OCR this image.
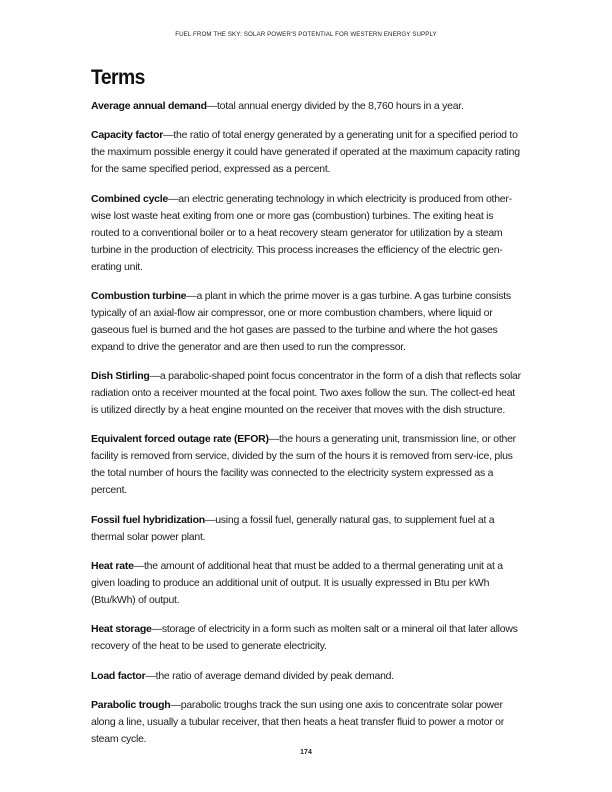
FUEL FROM THE SKY: SOLAR POWER'S POTENTIAL FOR WESTERN ENERGY SUPPLY
Terms

Average annual demand—total annual energy divided by the 8,760 hours in a year.

Capacity factor—the ratio of total energy generated by a generating unit for a specified period to the maximum possible energy it could have generated if operated at the maximum capacity rating for the same specified period, expressed as a percent.

Combined cycle—an electric generating technology in which electricity is produced from other-wise lost waste heat exiting from one or more gas (combustion) turbines. The exiting heat is routed to a conventional boiler or to a heat recovery steam generator for utilization by a steam turbine in the production of electricity. This process increases the efficiency of the electric gen-erating unit.

Combustion turbine—a plant in which the prime mover is a gas turbine. A gas turbine consists typically of an axial-flow air compressor, one or more combustion chambers, where liquid or gaseous fuel is burned and the hot gases are passed to the turbine and where the hot gases expand to drive the generator and are then used to run the compressor.

Dish Stirling—a parabolic-shaped point focus concentrator in the form of a dish that reflects solar radiation onto a receiver mounted at the focal point. Two axes follow the sun. The collect-ed heat is utilized directly by a heat engine mounted on the receiver that moves with the dish structure.

Equivalent forced outage rate (EFOR)—the hours a generating unit, transmission line, or other facility is removed from service, divided by the sum of the hours it is removed from serv-ice, plus the total number of hours the facility was connected to the electricity system expressed as a percent.

Fossil fuel hybridization—using a fossil fuel, generally natural gas, to supplement fuel at a thermal solar power plant.

Heat rate—the amount of additional heat that must be added to a thermal generating unit at a given loading to produce an additional unit of output. It is usually expressed in Btu per kWh (Btu/kWh) of output.

Heat storage—storage of electricity in a form such as molten salt or a mineral oil that later allows recovery of the heat to be used to generate electricity.

Load factor—the ratio of average demand divided by peak demand.

Parabolic trough—parabolic troughs track the sun using one axis to concentrate solar power along a line, usually a tubular receiver, that then heats a heat transfer fluid to power a motor or steam cycle.

174
